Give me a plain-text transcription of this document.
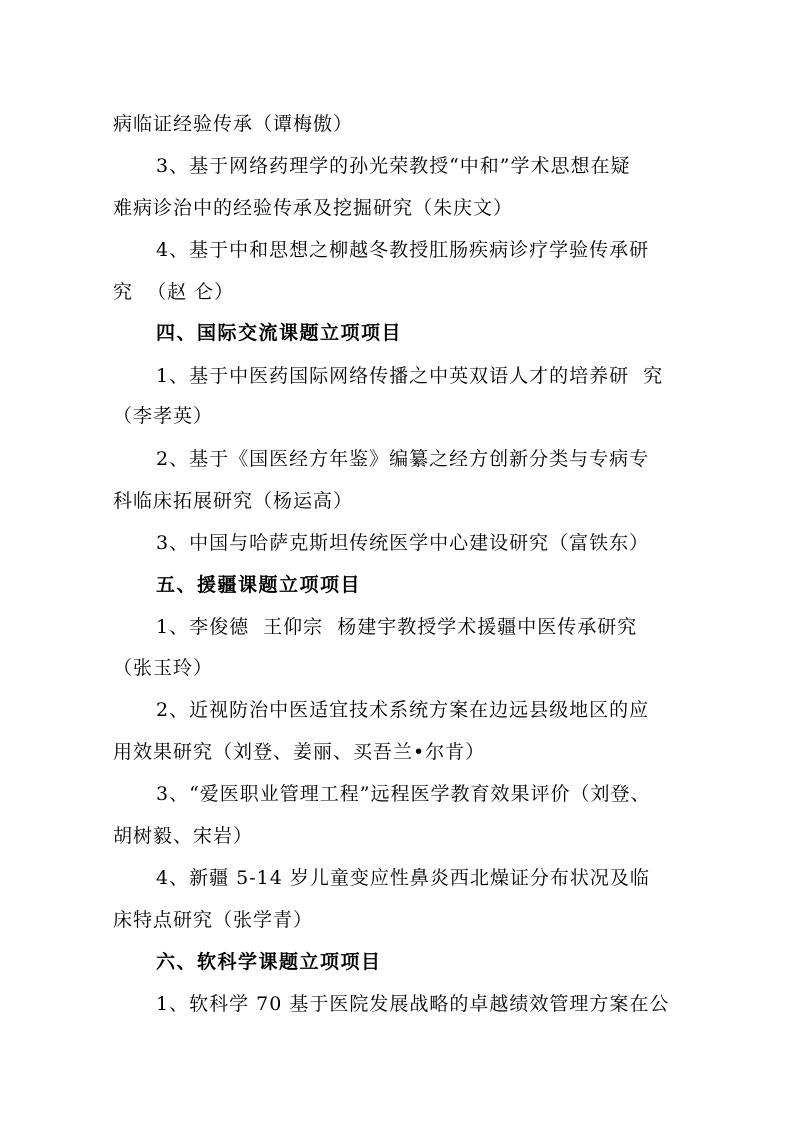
病临证经验传承（谭梅傲）
3、基于网络药理学的孙光荣教授“中和”学术思想在疑
难病诊治中的经验传承及挖掘研究（朱庆文）
4、基于中和思想之柳越冬教授肛肠疾病诊疗学验传承研
究  （赵 仑）
四、国际交流课题立项项目
1、基于中医药国际网络传播之中英双语人才的培养研  究
（李孝英）
2、基于《国医经方年鉴》编纂之经方创新分类与专病专
科临床拓展研究（杨运高）
3、中国与哈萨克斯坦传统医学中心建设研究（富铁东）
五、援疆课题立项项目
1、李俊德  王仰宗  杨建宇教授学术援疆中医传承研究
（张玉玲）
2、近视防治中医适宜技术系统方案在边远县级地区的应
用效果研究（刘登、姜丽、买吾兰•尔肯）
3、“爱医职业管理工程”远程医学教育效果评价（刘登、
胡树毅、宋岩）
4、新疆 5-14 岁儿童变应性鼻炎西北燥证分布状况及临
床特点研究（张学青）
六、软科学课题立项项目
1、软科学 70 基于医院发展战略的卓越绩效管理方案在公
